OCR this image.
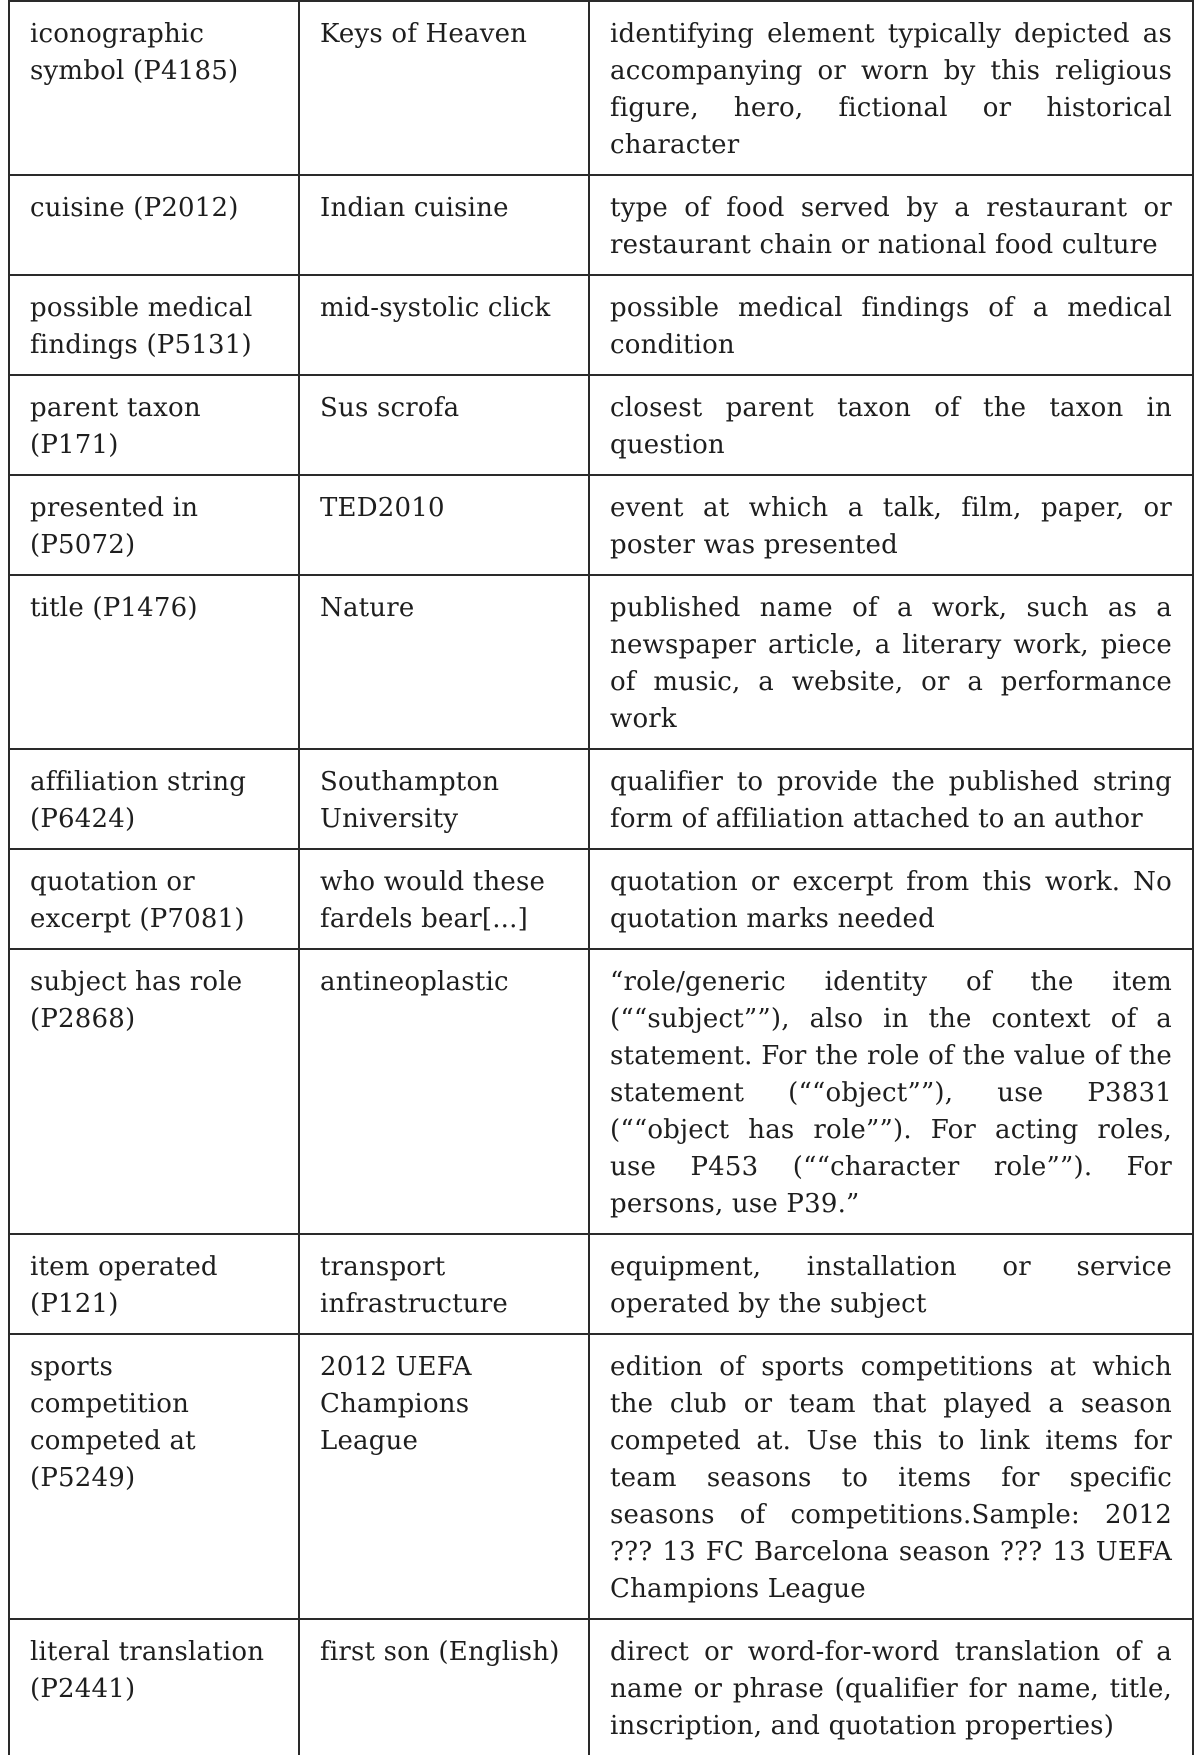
iconographic symbol (P4185)	Keys of Heaven	identifying element typically depicted as accompanying or worn by this religious figure, hero, fictional or historical character
cuisine (P2012)	Indian cuisine	type of food served by a restaurant or restaurant chain or national food culture
possible medical findings (P5131)	mid-systolic click	possible medical findings of a medical condition
parent taxon (P171)	Sus scrofa	closest parent taxon of the taxon in question
presented in (P5072)	TED2010	event at which a talk, film, paper, or poster was presented
title (P1476)	Nature	published name of a work, such as a newspaper article, a literary work, piece of music, a website, or a performance work
affiliation string (P6424)	Southampton University	qualifier to provide the published string form of affiliation attached to an author
quotation or excerpt (P7081)	who would these fardels bear[...]	quotation or excerpt from this work. No quotation marks needed
subject has role (P2868)	antineoplastic	“role/generic identity of the item (““subject””), also in the context of a statement. For the role of the value of the statement (““object””), use P3831 (““object has role””). For acting roles, use P453 (““character role””). For persons, use P39.”
item operated (P121)	transport infrastructure	equipment, installation or service operated by the subject
sports competition competed at (P5249)	2012 UEFA Champions League	edition of sports competitions at which the club or team that played a season competed at. Use this to link items for team seasons to items for specific seasons of competitions.Sample: 2012 ??? 13 FC Barcelona season ??? 13 UEFA Champions League
literal translation (P2441)	first son (English)	direct or word-for-word translation of a name or phrase (qualifier for name, title, inscription, and quotation properties)
